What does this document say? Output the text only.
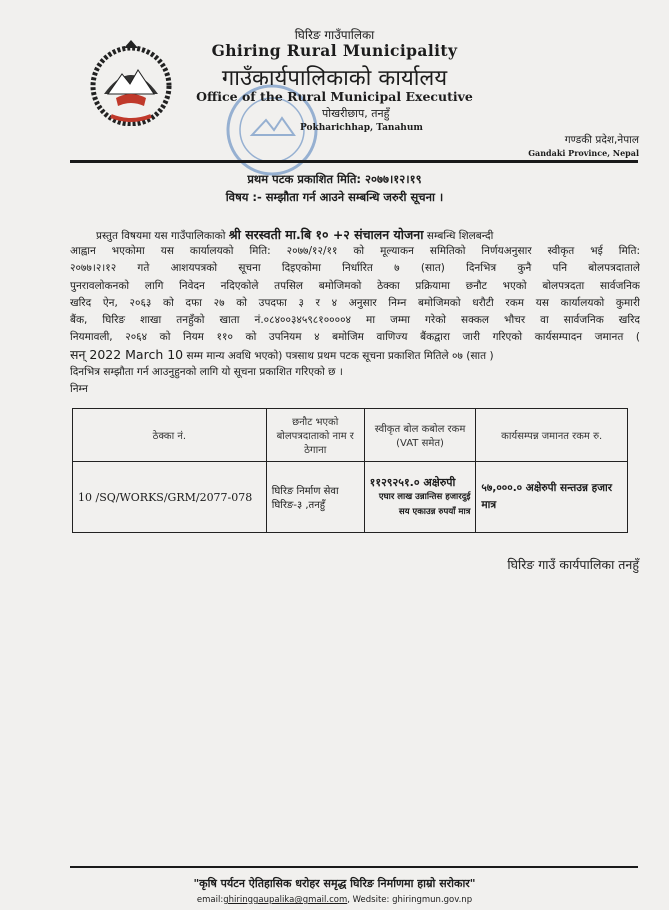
घिरिङ गाउँपालिका
Ghiring Rural Municipality
गाउँकार्यपालिकाको कार्यालय
Office of the Rural Municipal Executive
पोखरीछाप, तनहुँ
Pokharichhap, Tanahum
गण्डकी प्रदेश,नेपाल
Gandaki Province, Nepal
प्रथम पटक प्रकाशित मिति: २०७७।१२।१९
विषय :- सम्झौता गर्न आउने सम्बन्धि जरुरी सूचना ।
प्रस्तुत विषयमा यस गाउँपालिकाको श्री सरस्वती मा.बि १० +२ संचालन योजना सम्बन्धि शिलबन्दी
आह्वान भएकोमा यस कार्यालयको मिति: २०७७/१२/११ को मूल्याकन समितिको निर्णयअनुसार स्वीकृत भई मिति:
२०७७।२।१२ गते आशयपत्रको सूचना दिइएकोमा निर्धारित ७ (सात) दिनभित्र कुनै पनि बोलपत्रदाताले
पुनरावलोकनको लागि निवेदन नदिएकोले तपसिल बमोजिमको ठेक्का प्रक्रियामा छनौट भएको बोलपत्रदता सार्वजनिक
खरिद ऐन, २०६३ को दफा २७ को उपदफा ३ र ४ अनुसार निम्न बमोजिमको धरौटी रकम यस कार्यालयको कुमारी
बैंक, घिरिङ शाखा तनहुँको खाता नं.०८४००३४५९८१००००४ मा जम्मा गरेको सक्कल भौचर वा सार्वजनिक खरिद
नियमावली, २०६४ को नियम ११० को उपनियम ४ बमोजिम वाणिज्य बैंकद्वारा जारी गरिएको कार्यसम्पादन जमानत (
सन् 2022 March 10 सम्म मान्य अवधि भएको) पत्रसाथ प्रथम पटक सूचना प्रकाशित मितिले ०७ (सात )
दिनभित्र सम्झौता गर्न आउनुहुनको लागि यो सूचना प्रकाशित गरिएको छ ।
निम्न
ठेक्का नं.	छनौट भएको बोलपत्रदाताको नाम र ठेगाना	स्वीकृत बोल कबोल रकम (VAT समेत)	कार्यसम्पन्न जमानत रकम रु.
10 /SQ/WORKS/GRM/2077-078	घिरिङ निर्माण सेवा घिरिङ-३ ,तनहुँ	११२९२५१.० अक्षेरुपी
एघार लाख उन्नान्तिस हजारदुई सय एकाउन्न रुपयाँ मात्र	५७,०००.० अक्षेरुपी सन्तउन्न हजार मात्र
घिरिङ गाउँ कार्यपालिका तनहुँ
"कृषि पर्यटन ऐतिहासिक धरोहर समृद्ध घिरिङ निर्माणमा हाम्रो सरोकार"
email:ghiringgaupalika@gmail.com, Wedsite: ghiringmun.gov.np
